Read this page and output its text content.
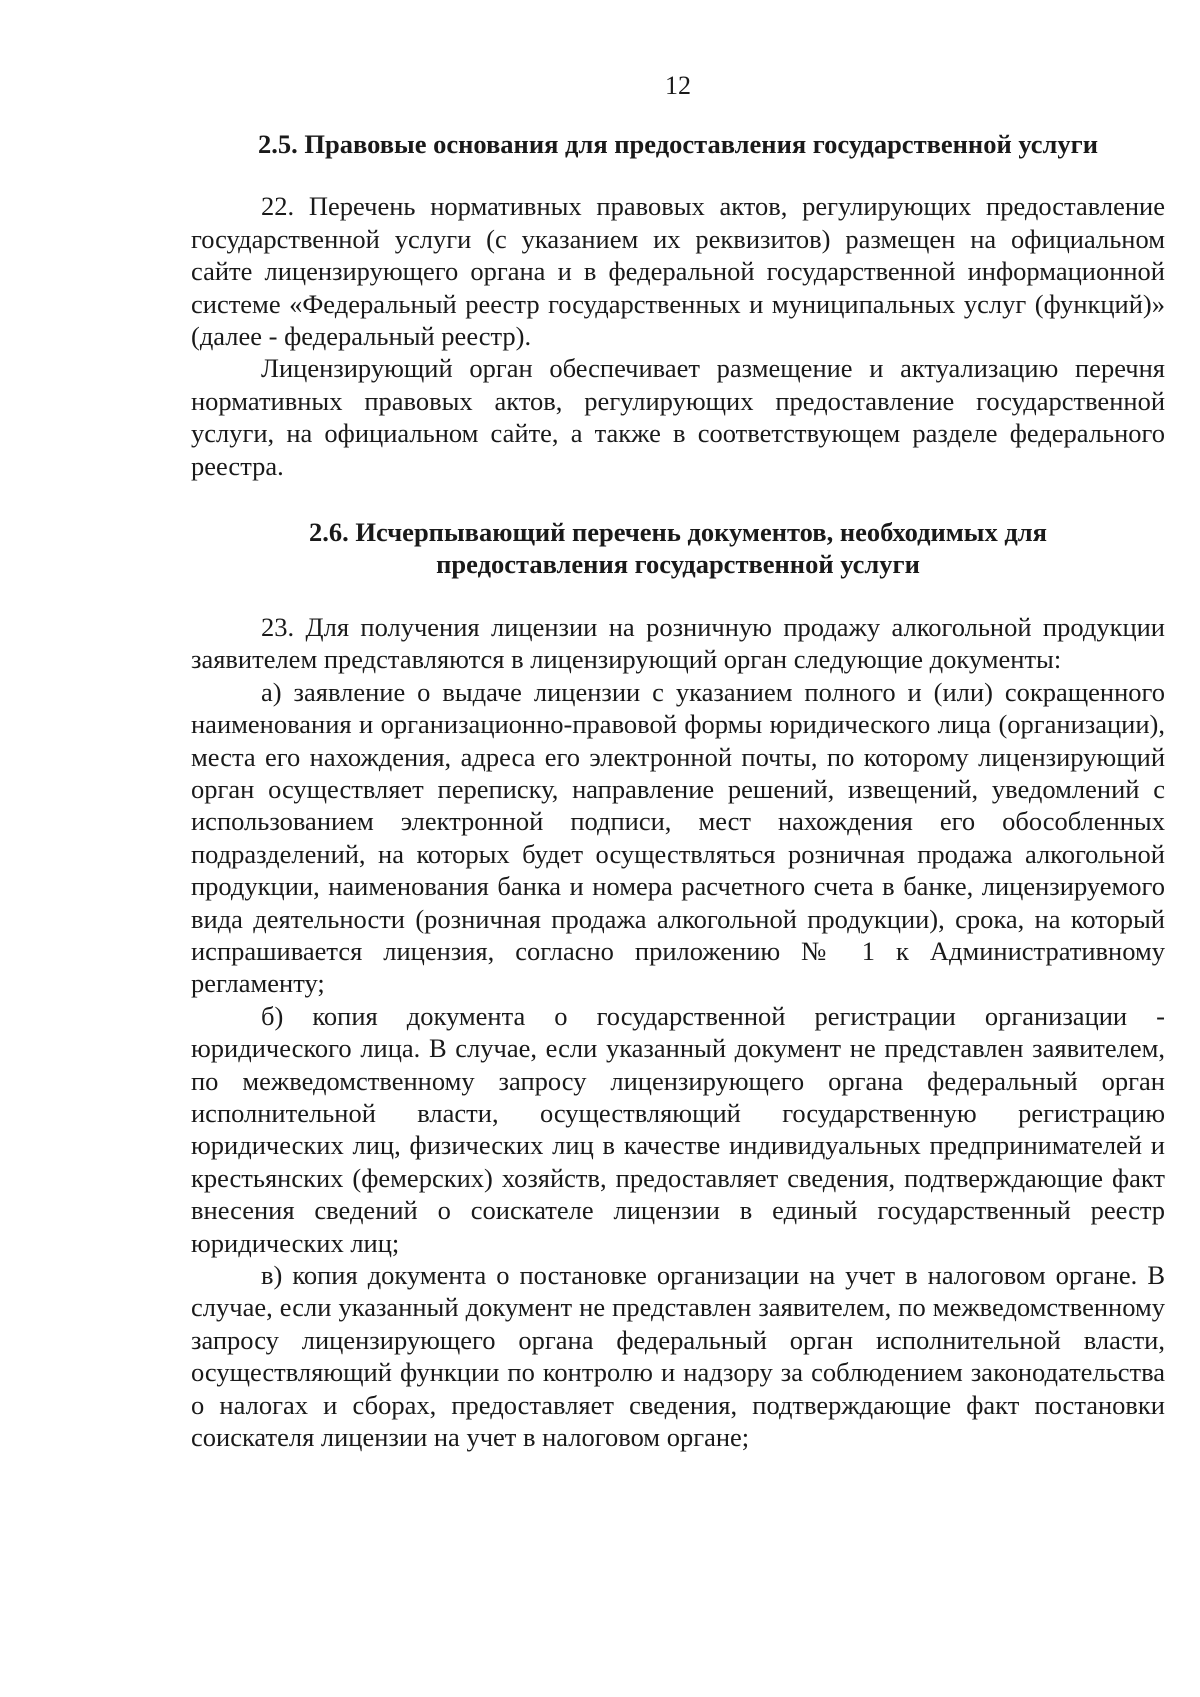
12
2.5. Правовые основания для предоставления государственной услуги

22. Перечень нормативных правовых актов, регулирующих предоставление государственной услуги (с указанием их реквизитов) размещен на официальном сайте лицензирующего органа и в федеральной государственной информационной системе «Федеральный реестр государственных и муниципальных услуг (функций)» (далее - федеральный реестр).

Лицензирующий орган обеспечивает размещение и актуализацию перечня нормативных правовых актов, регулирующих предоставление государственной услуги, на официальном сайте, а также в соответствующем разделе федерального реестра.

2.6. Исчерпывающий перечень документов, необходимых для
предоставления государственной услуги

23. Для получения лицензии на розничную продажу алкогольной продукции заявителем представляются в лицензирующий орган следующие документы:

а) заявление о выдаче лицензии с указанием полного и (или) сокращенного наименования и организационно-правовой формы юридического лица (организации), места его нахождения, адреса его электронной почты, по которому лицензирующий орган осуществляет переписку, направление решений, извещений, уведомлений с использованием электронной подписи, мест нахождения его обособленных подразделений, на которых будет осуществляться розничная продажа алкогольной продукции, наименования банка и номера расчетного счета в банке, лицензируемого вида деятельности (розничная продажа алкогольной продукции), срока, на который испрашивается лицензия, согласно приложению № 1 к Административному регламенту;

б) копия документа о государственной регистрации организации - юридического лица. В случае, если указанный документ не представлен заявителем, по межведомственному запросу лицензирующего органа федеральный орган исполнительной власти, осуществляющий государственную регистрацию юридических лиц, физических лиц в качестве индивидуальных предпринимателей и крестьянских (фемерских) хозяйств, предоставляет сведения, подтверждающие факт внесения сведений о соискателе лицензии в единый государственный реестр юридических лиц;

в) копия документа о постановке организации на учет в налоговом органе. В случае, если указанный документ не представлен заявителем, по межведомственному запросу лицензирующего органа федеральный орган исполнительной власти, осуществляющий функции по контролю и надзору за соблюдением законодательства о налогах и сборах, предоставляет сведения, подтверждающие факт постановки соискателя лицензии на учет в налоговом органе;
